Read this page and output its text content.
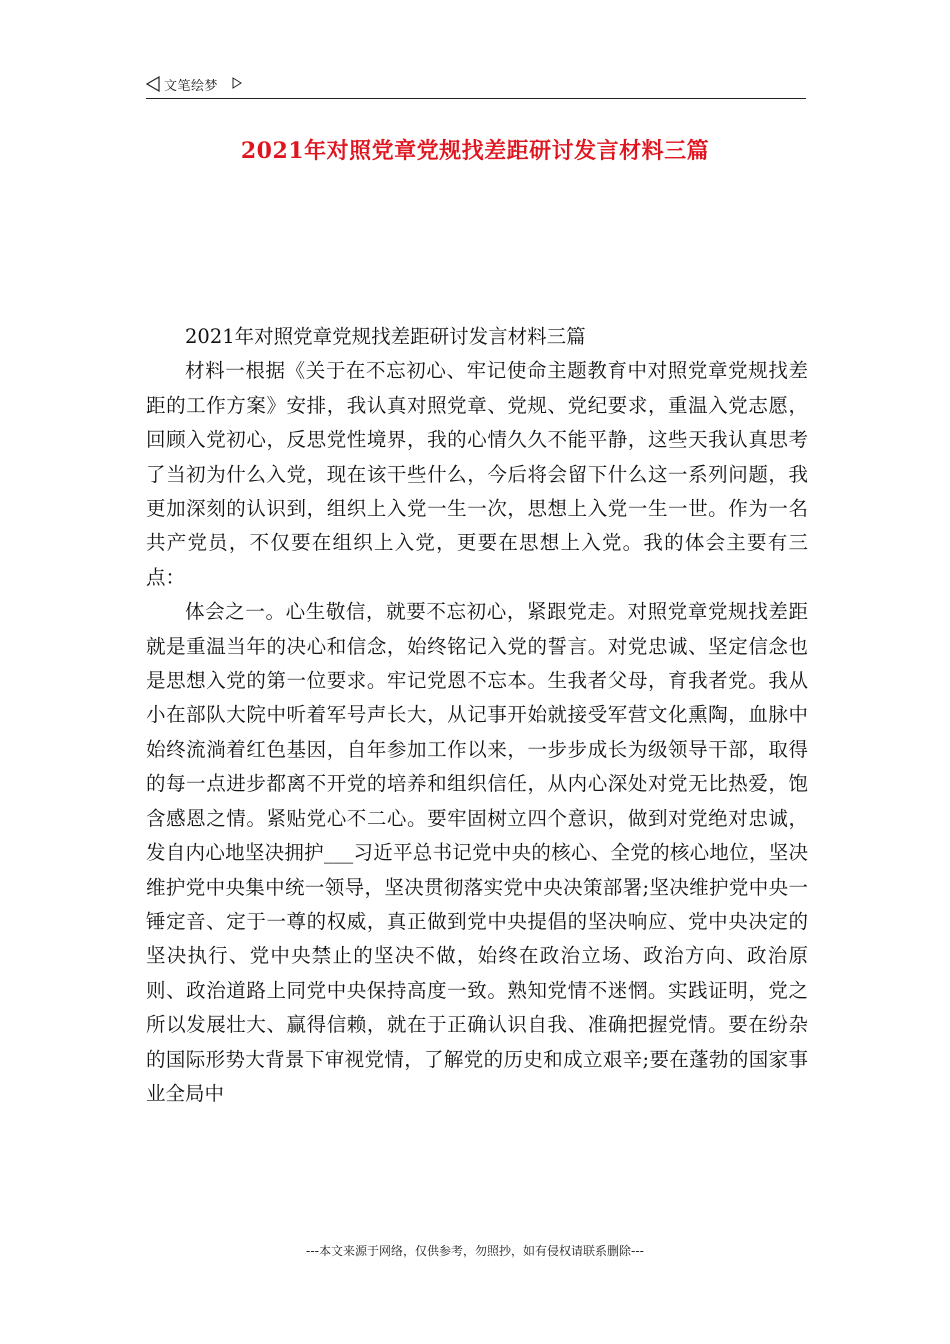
文笔绘梦
2021年对照党章党规找差距研讨发言材料三篇

2021年对照党章党规找差距研讨发言材料三篇

材料一根据《关于在不忘初心、牢记使命主题教育中对照党章党规找差距的工作方案》安排，我认真对照党章、党规、党纪要求，重温入党志愿，回顾入党初心，反思党性境界，我的心情久久不能平静，这些天我认真思考了当初为什么入党，现在该干些什么，今后将会留下什么这一系列问题，我更加深刻的认识到，组织上入党一生一次，思想上入党一生一世。作为一名共产党员，不仅要在组织上入党，更要在思想上入党。我的体会主要有三点：

体会之一。心生敬信，就要不忘初心，紧跟党走。对照党章党规找差距就是重温当年的决心和信念，始终铭记入党的誓言。对党忠诚、坚定信念也是思想入党的第一位要求。牢记党恩不忘本。生我者父母，育我者党。我从小在部队大院中听着军号声长大，从记事开始就接受军营文化熏陶，血脉中始终流淌着红色基因，自年参加工作以来，一步步成长为级领导干部，取得的每一点进步都离不开党的培养和组织信任，从内心深处对党无比热爱，饱含感恩之情。紧贴党心不二心。要牢固树立四个意识，做到对党绝对忠诚，发自内心地坚决拥护___习近平总书记党中央的核心、全党的核心地位，坚决维护党中央集中统一领导，坚决贯彻落实党中央决策部署;坚决维护党中央一锤定音、定于一尊的权威，真正做到党中央提倡的坚决响应、党中央决定的坚决执行、党中央禁止的坚决不做，始终在政治立场、政治方向、政治原则、政治道路上同党中央保持高度一致。熟知党情不迷惘。实践证明，党之所以发展壮大、赢得信赖，就在于正确认识自我、准确把握党情。要在纷杂的国际形势大背景下审视党情，了解党的历史和成立艰辛;要在蓬勃的国家事业全局中

---本文来源于网络，仅供参考，勿照抄，如有侵权请联系删除---
